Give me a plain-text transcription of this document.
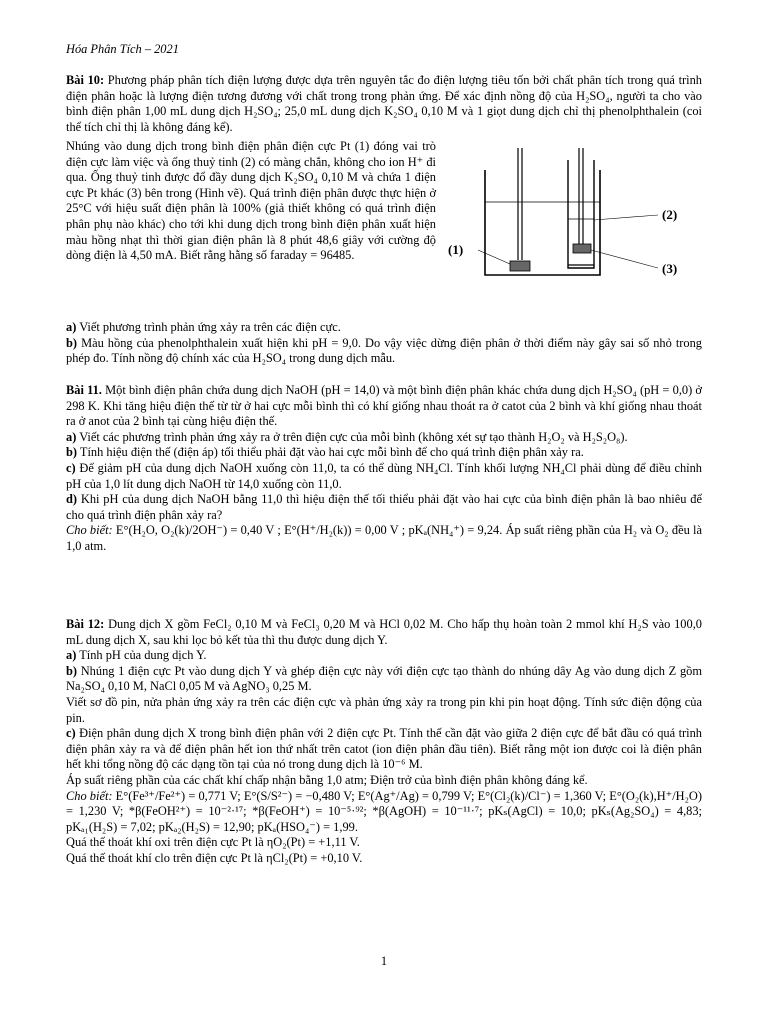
Hóa Phân Tích – 2021

Bài 10: Phương pháp phân tích điện lượng được dựa trên nguyên tắc đo điện lượng tiêu tốn bởi chất phân tích trong quá trình điện phân hoặc là lượng điện tương đương với chất trong trong phản ứng. Để xác định nồng độ của H₂SO₄, người ta cho vào bình điện phân 1,00 mL dung dịch H₂SO₄; 25,0 mL dung dịch K₂SO₄ 0,10 M và 1 giọt dung dịch chỉ thị phenolphthalein (coi thể tích chỉ thị là không đáng kể).

Nhúng vào dung dịch trong bình điện phân điện cực Pt (1) đóng vai trò điện cực làm việc và ống thuỷ tinh (2) có màng chắn, không cho ion H⁺ đi qua. Ống thuỷ tinh được đổ đầy dung dịch K₂SO₄ 0,10 M và chứa 1 điện cực Pt khác (3) bên trong (Hình vẽ). Quá trình điện phân được thực hiện ở 25°C với hiệu suất điện phân là 100% (giả thiết không có quá trình điện phân phụ nào khác) cho tới khi dung dịch trong bình điện phân xuất hiện màu hồng nhạt thì thời gian điện phân là 8 phút 48,6 giây với cường độ dòng điện là 4,50 mA. Biết rằng hằng số faraday = 96485.	(1)
(2)
(3)

a) Viết phương trình phản ứng xảy ra trên các điện cực.

b) Màu hồng của phenolphthalein xuất hiện khi pH = 9,0. Do vậy việc dừng điện phân ở thời điểm này gây sai số nhỏ trong phép đo. Tính nồng độ chính xác của H₂SO₄ trong dung dịch mẫu.

Bài 11. Một bình điện phân chứa dung dịch NaOH (pH = 14,0) và một bình điện phân khác chứa dung dịch H₂SO₄ (pH = 0,0) ở 298 K. Khi tăng hiệu điện thế từ từ ở hai cực mỗi bình thì có khí giống nhau thoát ra ở catot của 2 bình và khí giống nhau thoát ra ở anot của 2 bình tại cùng hiệu điện thế.

a) Viết các phương trình phản ứng xảy ra ở trên điện cực của mỗi bình (không xét sự tạo thành H₂O₂ và H₂S₂O₈).

b) Tính hiệu điện thế (điện áp) tối thiểu phải đặt vào hai cực mỗi bình để cho quá trình điện phân xảy ra.

c) Để giảm pH của dung dịch NaOH xuống còn 11,0, ta có thể dùng NH₄Cl. Tính khối lượng NH₄Cl phải dùng để điều chỉnh pH của 1,0 lít dung dịch NaOH từ 14,0 xuống còn 11,0.

d) Khi pH của dung dịch NaOH bằng 11,0 thì hiệu điện thế tối thiểu phải đặt vào hai cực của bình điện phân là bao nhiêu để cho quá trình điện phân xảy ra?

Cho biết: E°(H₂O, O₂(k)/2OH⁻) = 0,40 V ; E°(H⁺/H₂(k)) = 0,00 V ; pKₐ(NH₄⁺) = 9,24. Áp suất riêng phần của H₂ và O₂ đều là 1,0 atm.

Bài 12: Dung dịch X gồm FeCl₂ 0,10 M và FeCl₃ 0,20 M và HCl 0,02 M. Cho hấp thụ hoàn toàn 2 mmol khí H₂S vào 100,0 mL dung dịch X, sau khi lọc bỏ kết tủa thì thu được dung dịch Y.

a) Tính pH của dung dịch Y.

b) Nhúng 1 điện cực Pt vào dung dịch Y và ghép điện cực này với điện cực tạo thành do nhúng dây Ag vào dung dịch Z gồm Na₂SO₄ 0,10 M, NaCl 0,05 M và AgNO₃ 0,25 M.

Viết sơ đồ pin, nửa phản ứng xảy ra trên các điện cực và phản ứng xảy ra trong pin khi pin hoạt động. Tính sức điện động của pin.

c) Điện phân dung dịch X trong bình điện phân với 2 điện cực Pt. Tính thế cần đặt vào giữa 2 điện cực để bắt đầu có quá trình điện phân xảy ra và để điện phân hết ion thứ nhất trên catot (ion điện phân đầu tiên). Biết rằng một ion được coi là điện phân hết khi tổng nồng độ các dạng tồn tại của nó trong dung dịch là 10⁻⁶ M.

Áp suất riêng phần của các chất khí chấp nhận bằng 1,0 atm; Điện trở của bình điện phân không đáng kể.

Cho biết: E°(Fe³⁺/Fe²⁺) = 0,771 V; E°(S/S²⁻) = −0,480 V; E°(Ag⁺/Ag) = 0,799 V; E°(Cl₂(k)/Cl⁻) = 1,360 V; E°(O₂(k),H⁺/H₂O) = 1,230 V; *β(FeOH²⁺) = 10⁻²·¹⁷; *β(FeOH⁺) = 10⁻⁵·⁹²; *β(AgOH) = 10⁻¹¹·⁷; pKₛ(AgCl) = 10,0; pKₛ(Ag₂SO₄) = 4,83; pKₐ₁(H₂S) = 7,02; pKₐ₂(H₂S) = 12,90; pKₐ(HSO₄⁻) = 1,99.

Quá thế thoát khí oxi trên điện cực Pt là ηO₂(Pt) = +1,11 V.

Quá thế thoát khí clo trên điện cực Pt là ηCl₂(Pt) = +0,10 V.

1
